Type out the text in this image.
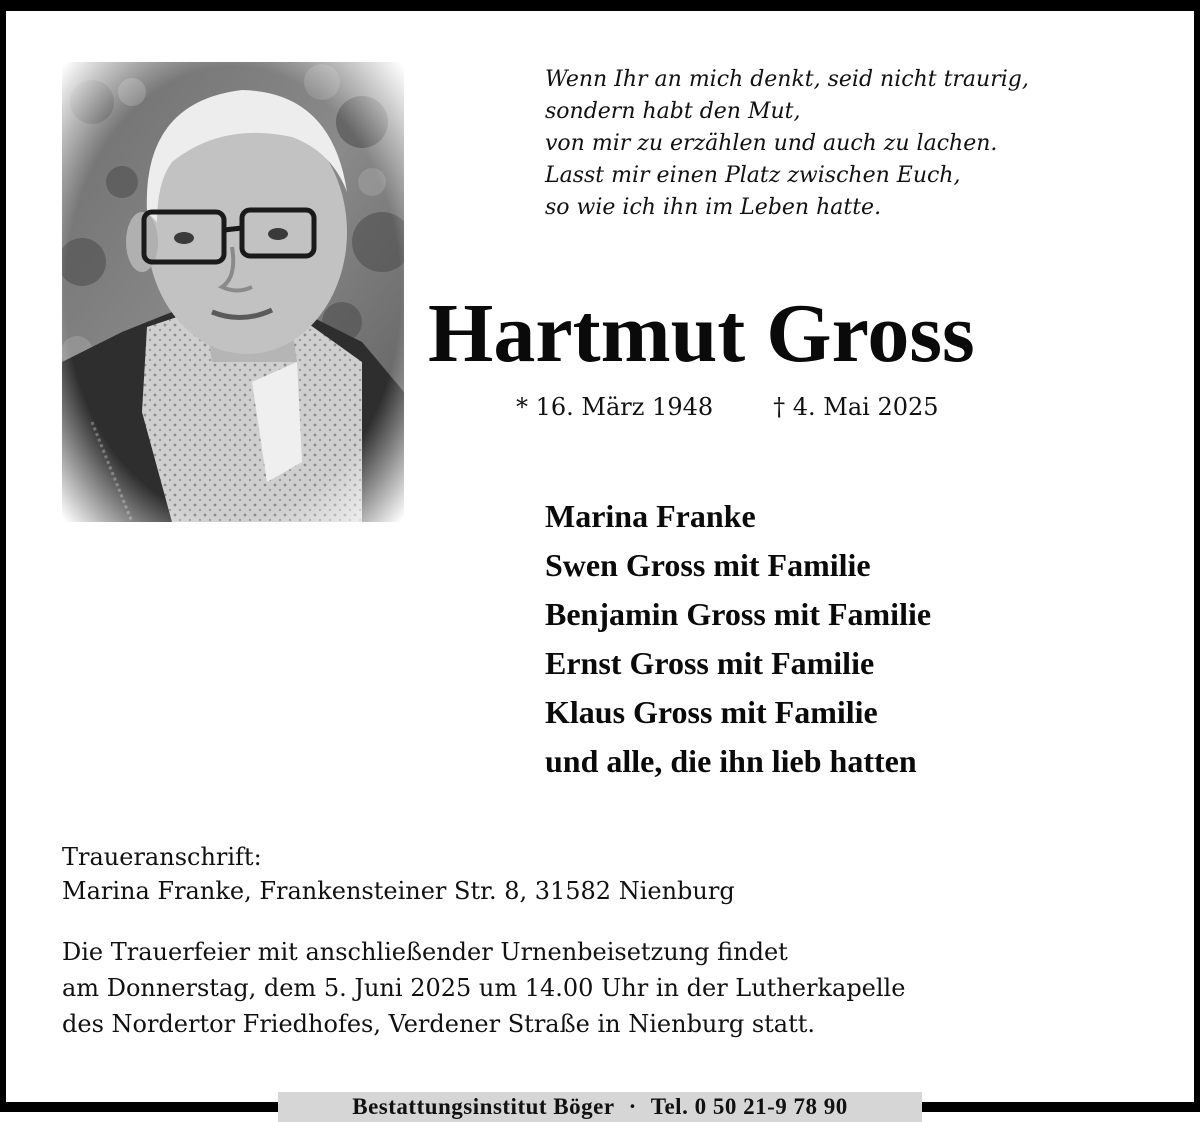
Wenn Ihr an mich denkt, seid nicht traurig,
sondern habt den Mut,
von mir zu erzählen und auch zu lachen.
Lasst mir einen Platz zwischen Euch,
so wie ich ihn im Leben hatte.
Hartmut Gross
* 16. März 1948	† 4. Mai 2025
Marina Franke
Swen Gross mit Familie
Benjamin Gross mit Familie
Ernst Gross mit Familie
Klaus Gross mit Familie
und alle, die ihn lieb hatten
Traueranschrift:
Marina Franke, Frankensteiner Str. 8, 31582 Nienburg
Die Trauerfeier mit anschließender Urnenbeisetzung findet
am Donnerstag, dem 5. Juni 2025 um 14.00 Uhr in der Lutherkapelle
des Nordertor Friedhofes, Verdener Straße in Nienburg statt.
Bestattungsinstitut Böger · Tel. 0 50 21-9 78 90
